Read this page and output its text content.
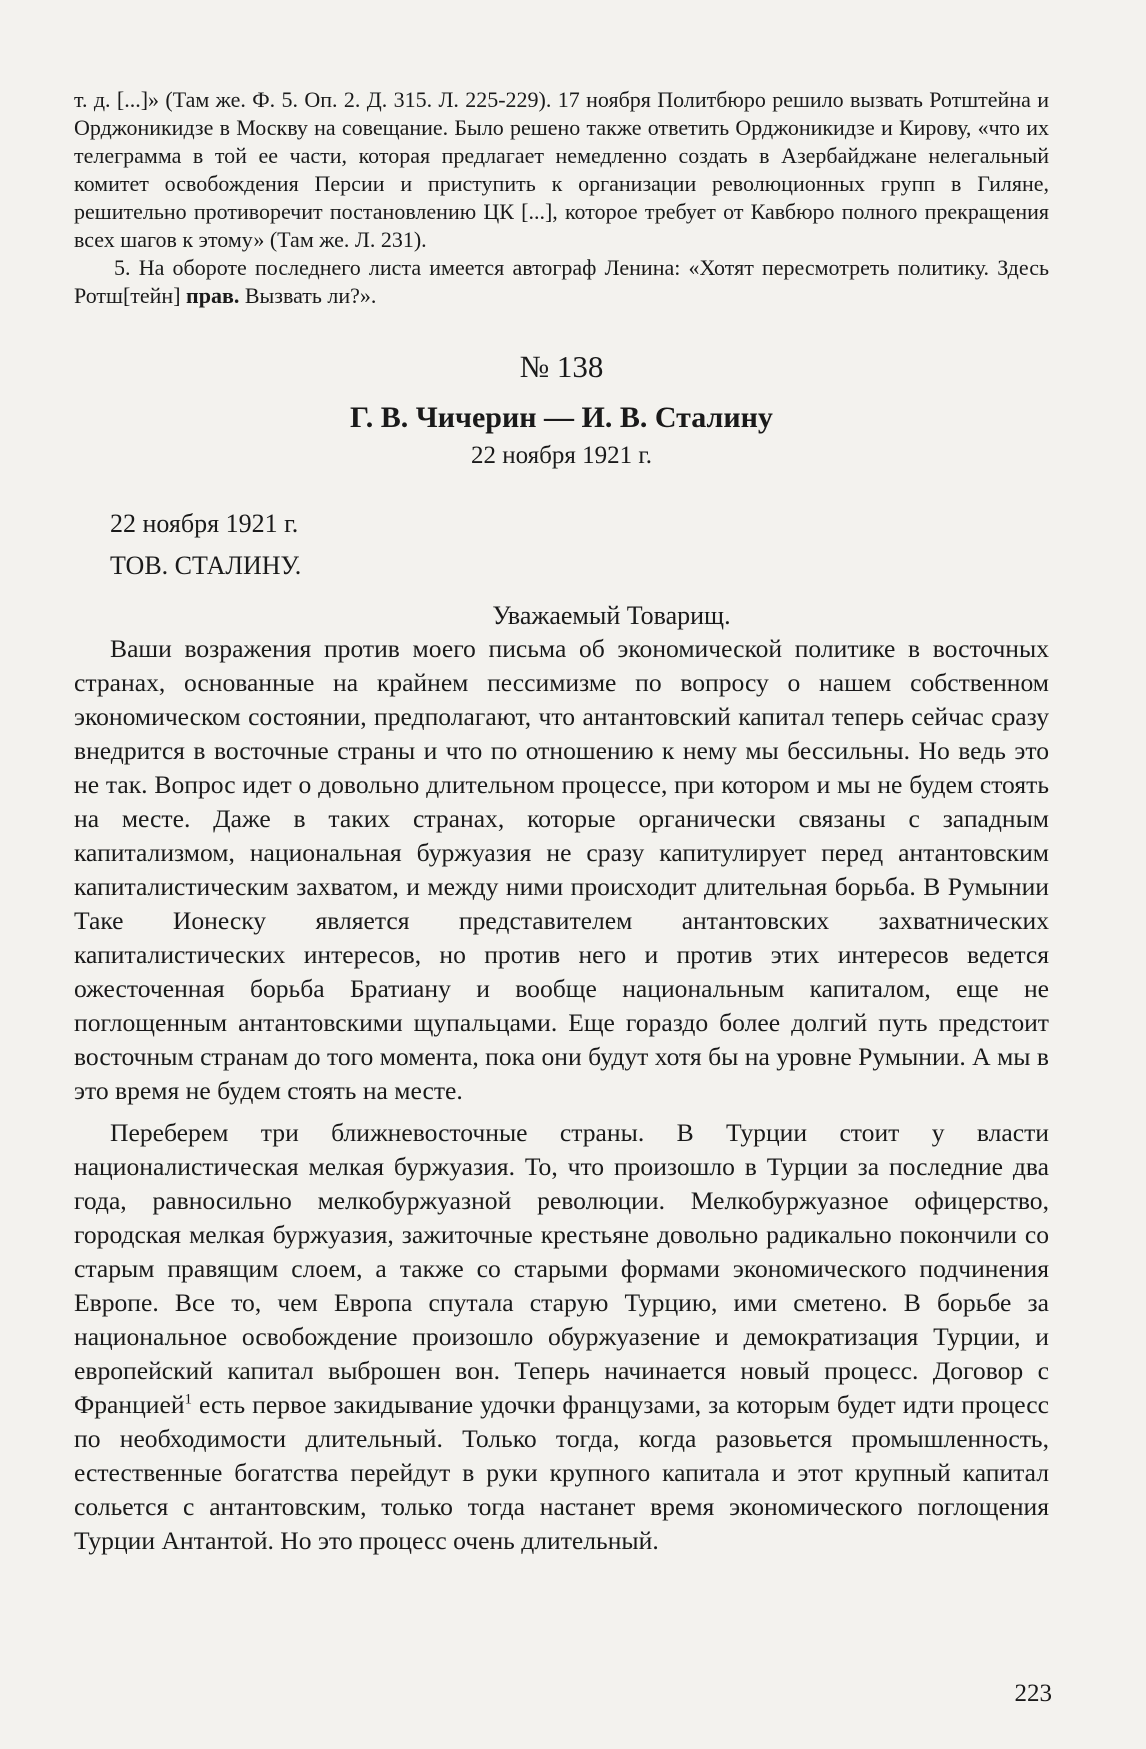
т. д. [...]» (Там же. Ф. 5. Оп. 2. Д. 315. Л. 225-229). 17 ноября Политбюро решило вызвать Ротштейна и Орджоникидзе в Москву на совещание. Было решено также ответить Орджоникидзе и Кирову, «что их телеграмма в той ее части, которая предлагает немедленно создать в Азербайджане нелегальный комитет освобождения Персии и приступить к организации революционных групп в Гиляне, решительно противоречит постановлению ЦК [...], которое требует от Кавбюро полного прекращения всех шагов к этому» (Там же. Л. 231).

5. На обороте последнего листа имеется автограф Ленина: «Хотят пересмотреть политику. Здесь Ротш[тейн] прав. Вызвать ли?».

№ 138
Г. В. Чичерин — И. В. Сталину
22 ноября 1921 г.
22 ноября 1921 г.
ТОВ. СТАЛИНУ.
Уважаемый Товарищ.

Ваши возражения против моего письма об экономической политике в восточных странах, основанные на крайнем пессимизме по вопросу о нашем собственном экономическом состоянии, предполагают, что антантовский капитал теперь сейчас сразу внедрится в восточные страны и что по отношению к нему мы бессильны. Но ведь это не так. Вопрос идет о довольно длительном процессе, при котором и мы не будем стоять на месте. Даже в таких странах, которые органически связаны с западным капитализмом, национальная буржуазия не сразу капитулирует перед антантовским капиталистическим захватом, и между ними происходит длительная борьба. В Румынии Таке Ионеску является представителем антантовских захватнических капиталистических интересов, но против него и против этих интересов ведется ожесточенная борьба Братиану и вообще национальным капиталом, еще не поглощенным антантовскими щупальцами. Еще гораздо более долгий путь предстоит восточным странам до того момента, пока они будут хотя бы на уровне Румынии. А мы в это время не будем стоять на месте.

Переберем три ближневосточные страны. В Турции стоит у власти националистическая мелкая буржуазия. То, что произошло в Турции за последние два года, равносильно мелкобуржуазной революции. Мелкобуржуазное офицерство, городская мелкая буржуазия, зажиточные крестьяне довольно радикально покончили со старым правящим слоем, а также со старыми формами экономического подчинения Европе. Все то, чем Европа спутала старую Турцию, ими сметено. В борьбе за национальное освобождение произошло обуржуазение и демократизация Турции, и европейский капитал выброшен вон. Теперь начинается новый процесс. Договор с Францией$^1$ есть первое закидывание удочки французами, за которым будет идти процесс по необходимости длительный. Только тогда, когда разовьется промышленность, естественные богатства перейдут в руки крупного капитала и этот крупный капитал сольется с антантовским, только тогда настанет время экономического поглощения Турции Антантой. Но это процесс очень длительный.

223
